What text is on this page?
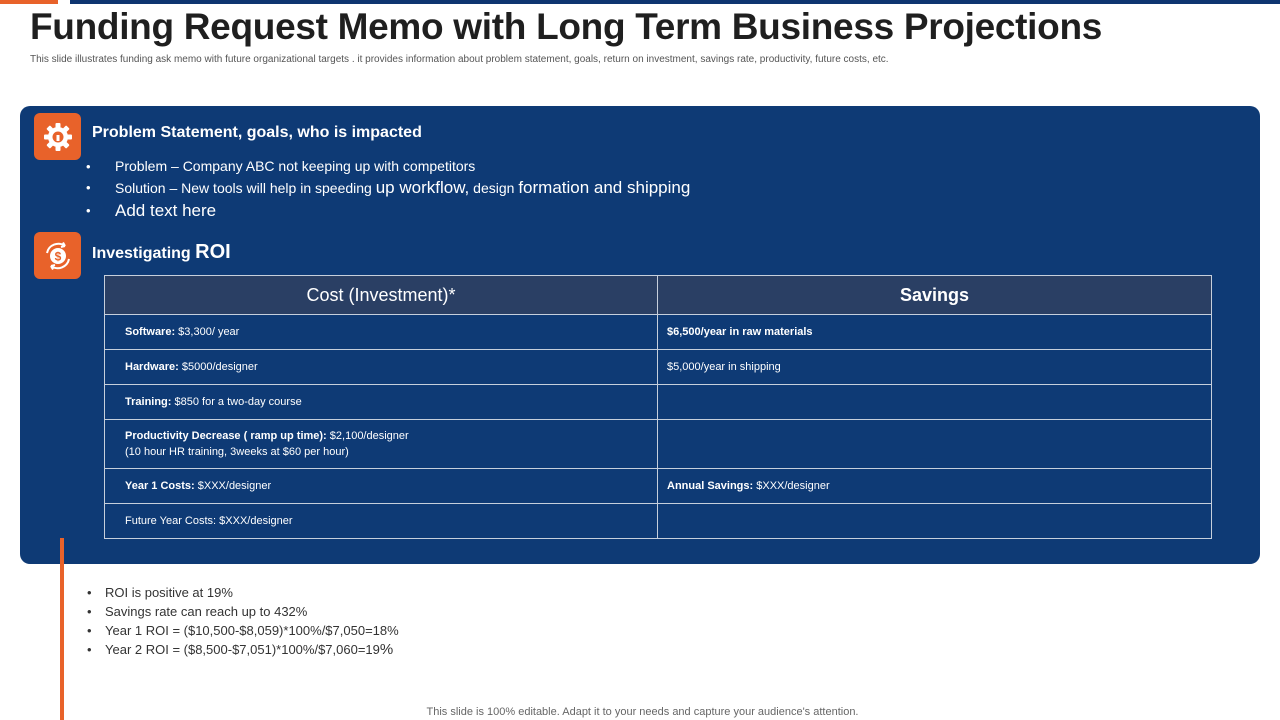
Funding Request Memo with Long Term Business Projections
This slide illustrates funding ask memo with future organizational targets . it provides information about problem statement, goals, return on investment, savings rate, productivity, future costs, etc.
Problem Statement, goals, who is impacted
• Problem – Company ABC not keeping up with competitors
• Solution – New tools will help in speeding up workflow, design formation and shipping
• Add text here
$ Investigating ROI
Cost (Investment)*	Savings
Software: $3,300/ year	$6,500/year in raw materials
Hardware: $5000/designer	$5,000/year in shipping
Training: $850 for a two-day course	
Productivity Decrease ( ramp up time): $2,100/designer
(10 hour HR training, 3weeks at $60 per hour)	
Year 1 Costs: $XXX/designer	Annual Savings: $XXX/designer
Future Year Costs: $XXX/designer	
• ROI is positive at 19%
• Savings rate can reach up to 432%
• Year 1 ROI = ($10,500-$8,059)*100%/$7,050=18%
• Year 2 ROI = ($8,500-$7,051)*100%/$7,060=19%
This slide is 100% editable. Adapt it to your needs and capture your audience's attention.
